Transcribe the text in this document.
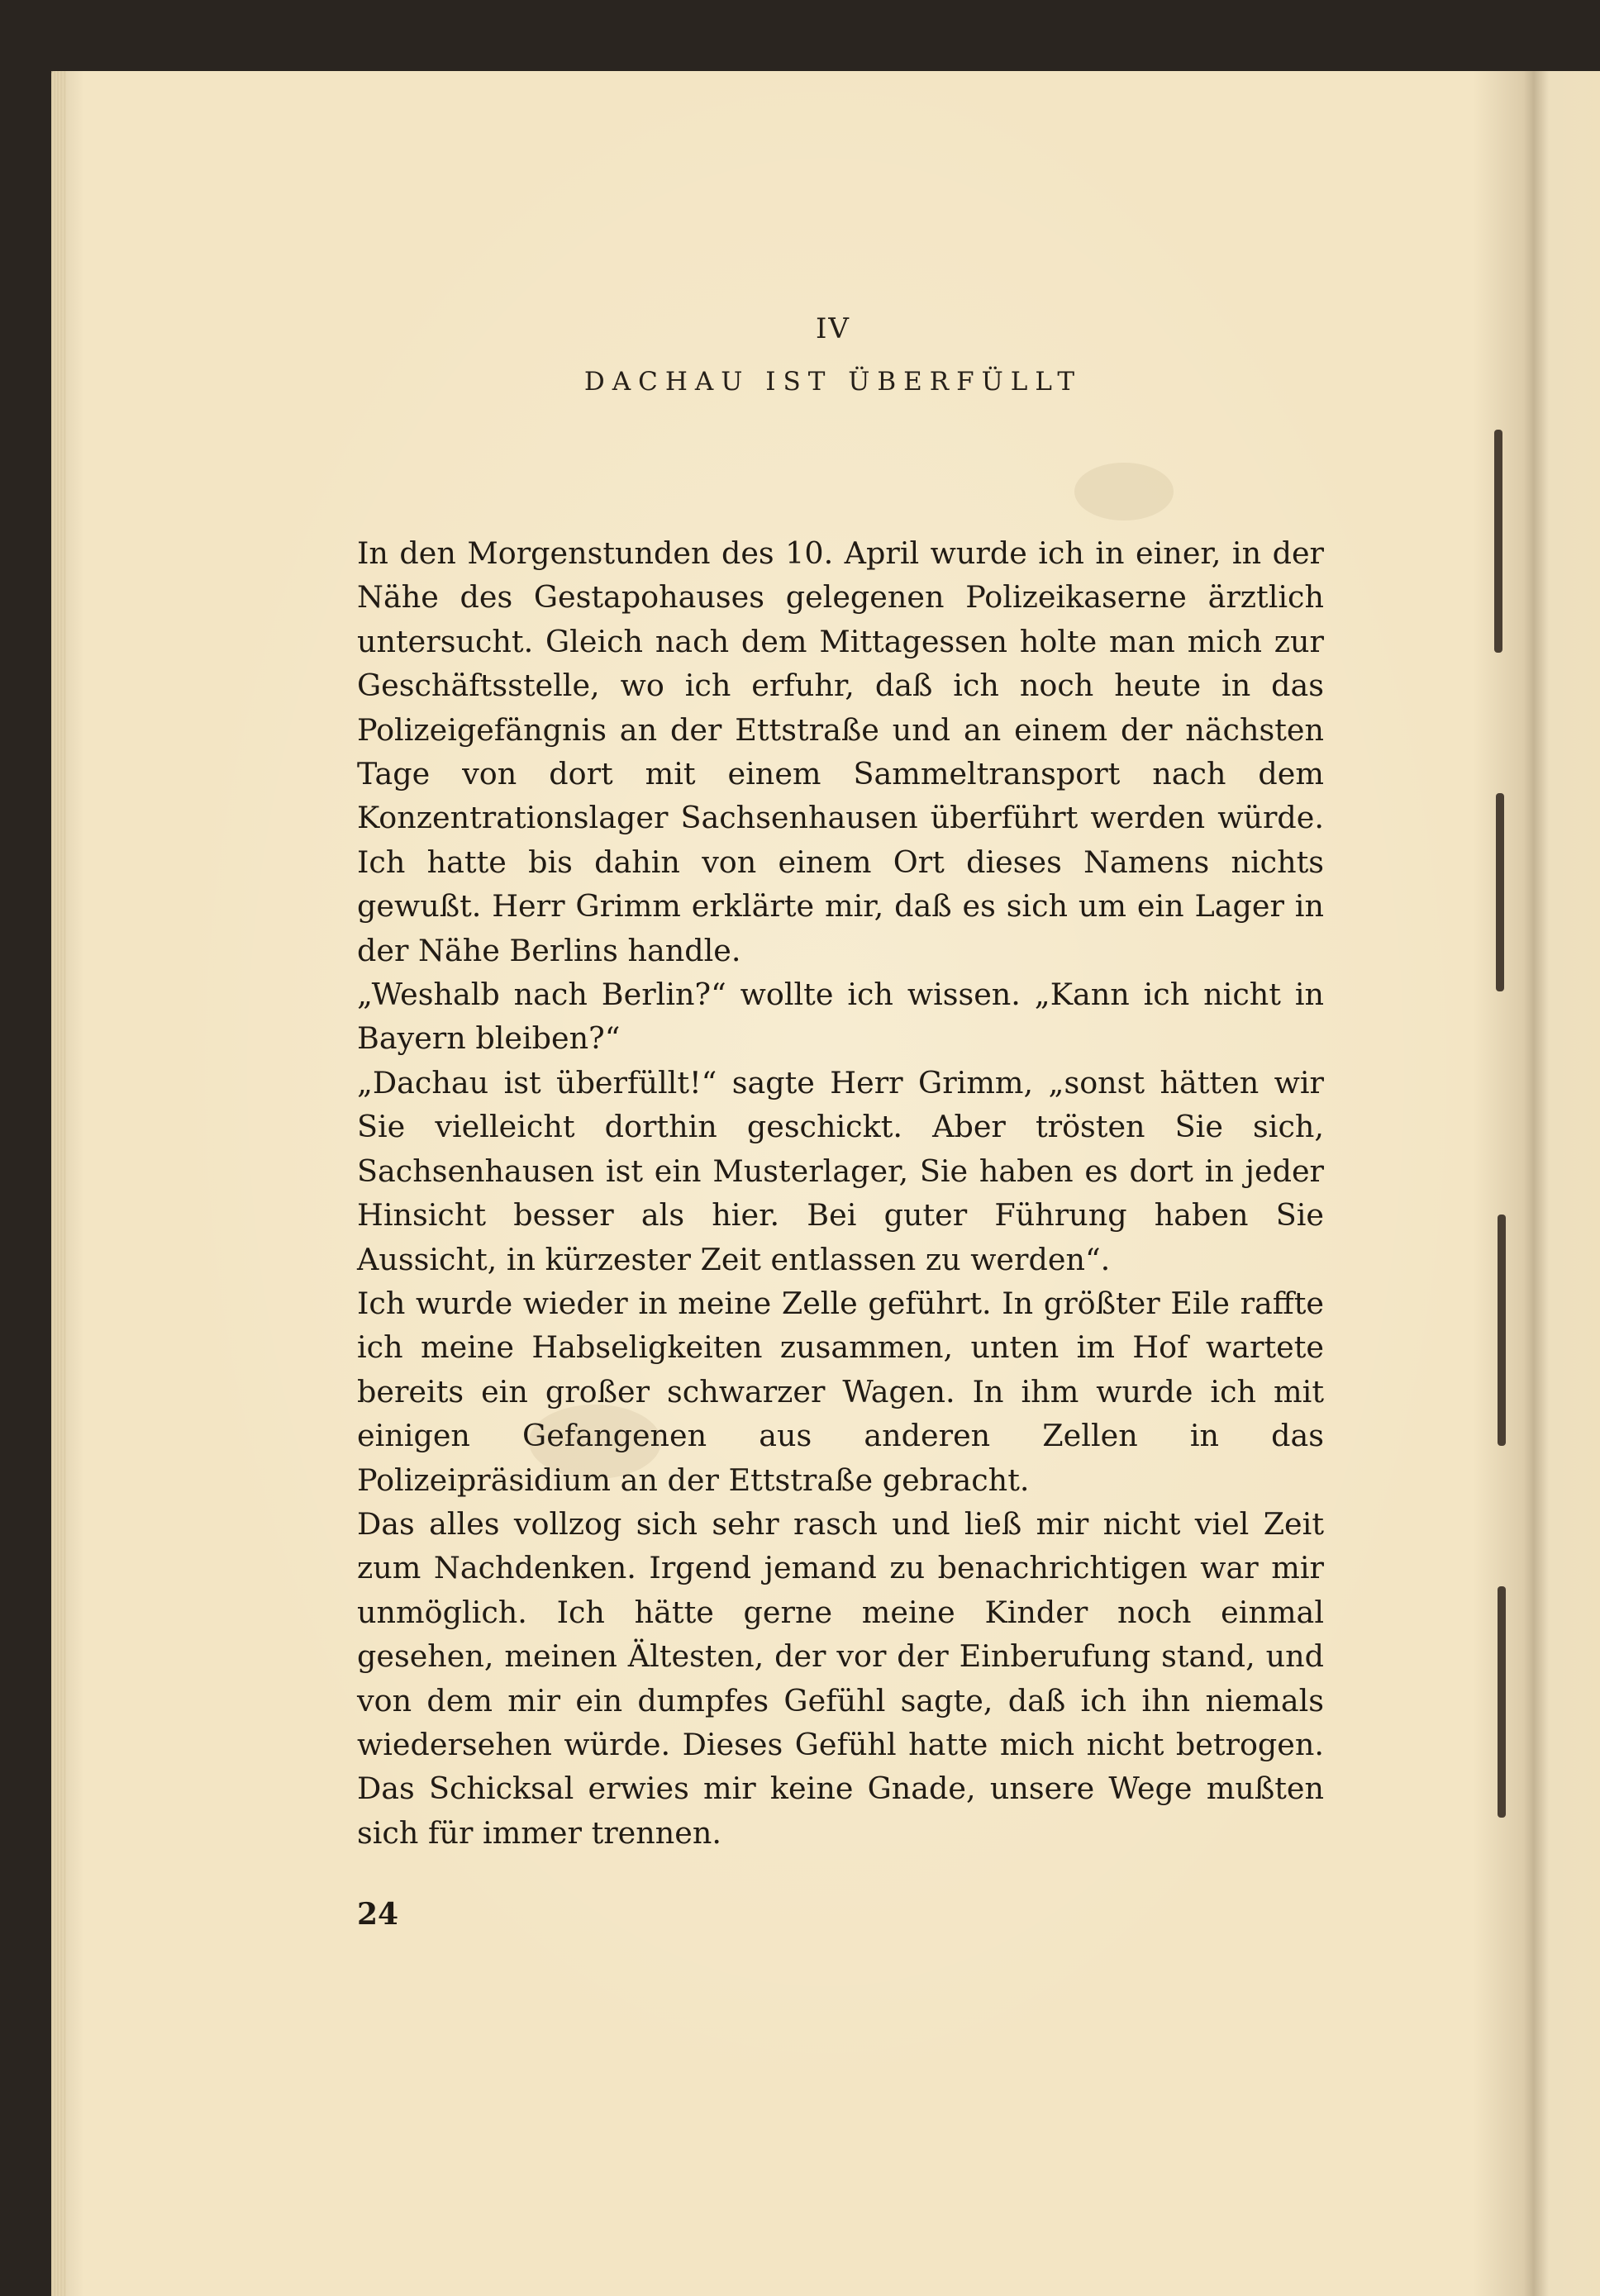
IV
DACHAU IST ÜBERFÜLLT

In den Morgenstunden des 10. April wurde ich in einer, in der Nähe des Gestapohauses gelegenen Polizeikaserne ärztlich untersucht. Gleich nach dem Mittagessen holte man mich zur Geschäftsstelle, wo ich erfuhr, daß ich noch heute in das Polizeigefängnis an der Ettstraße und an einem der nächsten Tage von dort mit einem Sammeltransport nach dem Konzentrationslager Sachsenhausen überführt werden würde. Ich hatte bis dahin von einem Ort dieses Namens nichts gewußt. Herr Grimm erklärte mir, daß es sich um ein Lager in der Nähe Berlins handle.

„Weshalb nach Berlin?“ wollte ich wissen. „Kann ich nicht in Bayern bleiben?“

„Dachau ist überfüllt!“ sagte Herr Grimm, „sonst hätten wir Sie vielleicht dorthin geschickt. Aber trösten Sie sich, Sachsenhausen ist ein Musterlager, Sie haben es dort in jeder Hinsicht besser als hier. Bei guter Führung haben Sie Aussicht, in kürzester Zeit entlassen zu werden“.

Ich wurde wieder in meine Zelle geführt. In größter Eile raffte ich meine Habseligkeiten zusammen, unten im Hof wartete bereits ein großer schwarzer Wagen. In ihm wurde ich mit einigen Gefangenen aus anderen Zellen in das Polizeipräsidium an der Ettstraße gebracht.

Das alles vollzog sich sehr rasch und ließ mir nicht viel Zeit zum Nachdenken. Irgend jemand zu benachrichtigen war mir unmöglich. Ich hätte gerne meine Kinder noch einmal gesehen, meinen Ältesten, der vor der Einberufung stand, und von dem mir ein dumpfes Gefühl sagte, daß ich ihn niemals wiedersehen würde. Dieses Gefühl hatte mich nicht betrogen. Das Schicksal erwies mir keine Gnade, unsere Wege mußten sich für immer trennen.

24
